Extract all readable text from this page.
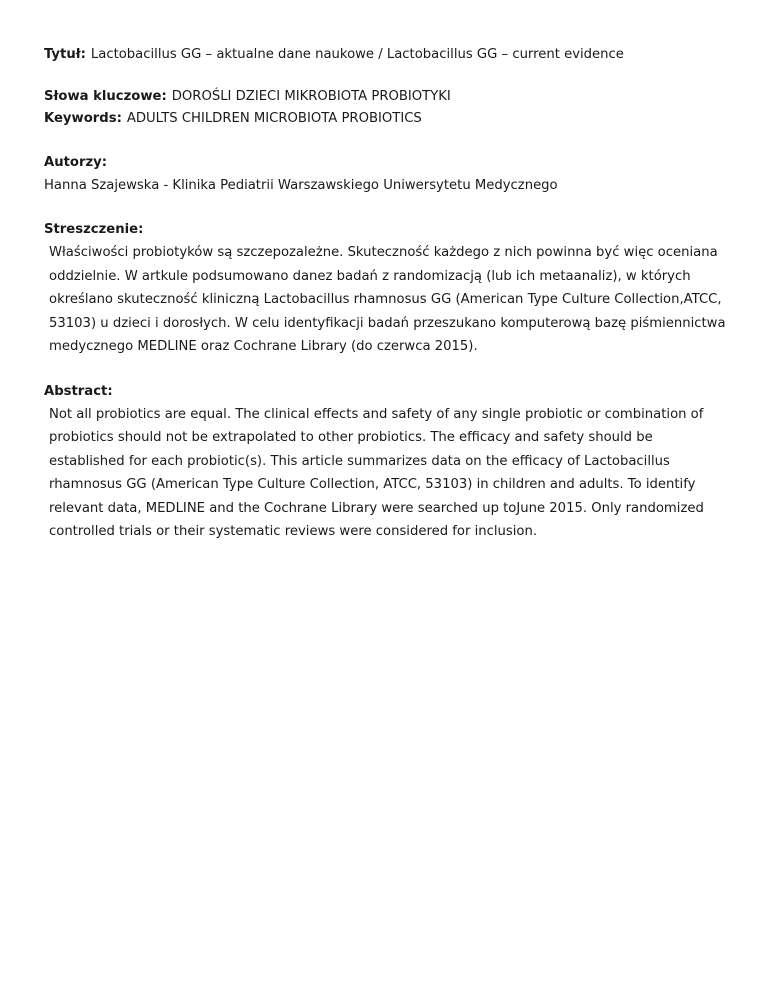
Tytuł: Lactobacillus GG – aktualne dane naukowe / Lactobacillus GG – current evidence
Słowa kluczowe: DOROŚLI DZIECI MIKROBIOTA PROBIOTYKI
Keywords: ADULTS CHILDREN MICROBIOTA PROBIOTICS
Autorzy:
Hanna Szajewska - Klinika Pediatrii Warszawskiego Uniwersytetu Medycznego
Streszczenie:

Właściwości probiotyków są szczepozależne. Skuteczność każdego z nich powinna być więc oceniana oddzielnie. W artkule podsumowano danez badań z randomizacją (lub ich metaanaliz), w których określano skuteczność kliniczną Lactobacillus rhamnosus GG (American Type Culture Collection,ATCC, 53103) u dzieci i dorosłych. W celu identyfikacji badań przeszukano komputerową bazę piśmiennictwa medycznego MEDLINE oraz Cochrane Library (do czerwca 2015).

Abstract:

Not all probiotics are equal. The clinical effects and safety of any single probiotic or combination of probiotics should not be extrapolated to other probiotics. The efficacy and safety should be established for each probiotic(s). This article summarizes data on the efficacy of Lactobacillus rhamnosus GG (American Type Culture Collection, ATCC, 53103) in children and adults. To identify relevant data, MEDLINE and the Cochrane Library were searched up toJune 2015. Only randomized controlled trials or their systematic reviews were considered for inclusion.
